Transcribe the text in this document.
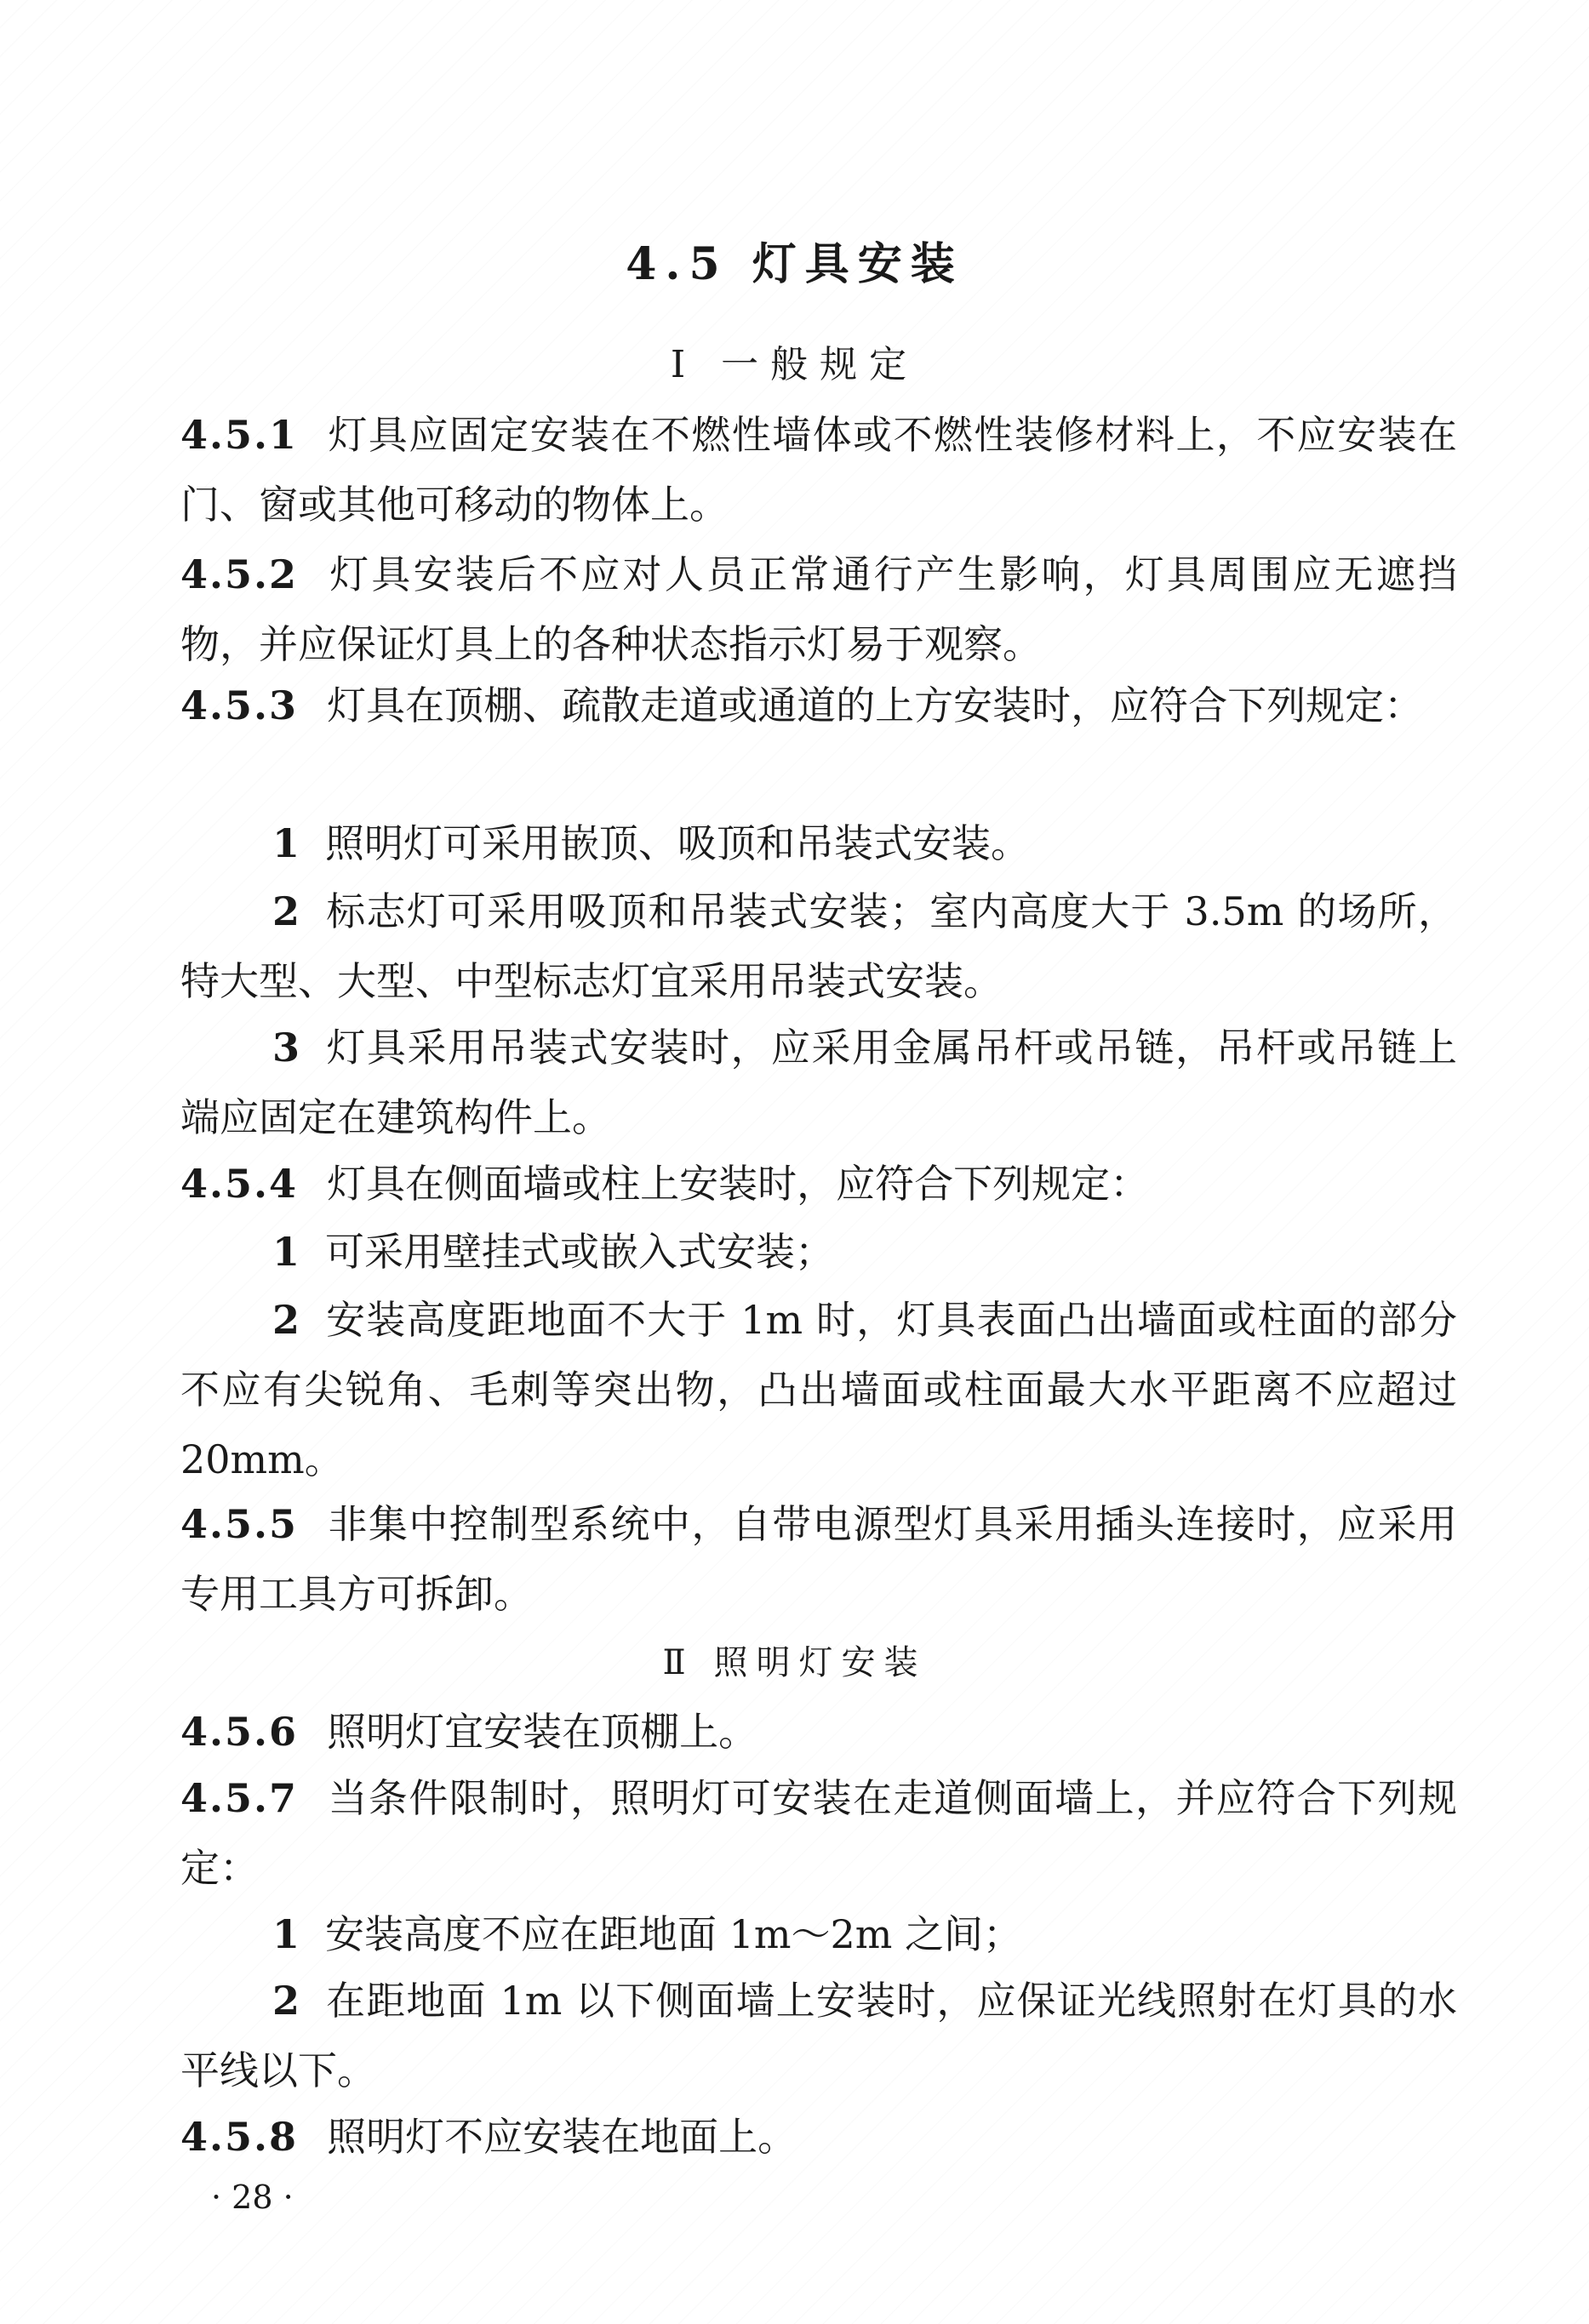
4.5 灯具安装
Ⅰ 一般规定
4.5.1 灯具应固定安装在不燃性墙体或不燃性装修材料上，不应安装在门、窗或其他可移动的物体上。
4.5.2 灯具安装后不应对人员正常通行产生影响，灯具周围应无遮挡物，并应保证灯具上的各种状态指示灯易于观察。
4.5.3 灯具在顶棚、疏散走道或通道的上方安装时，应符合下列规定：
1 照明灯可采用嵌顶、吸顶和吊装式安装。
2 标志灯可采用吸顶和吊装式安装；室内高度大于 3.5m 的场所，特大型、大型、中型标志灯宜采用吊装式安装。
3 灯具采用吊装式安装时，应采用金属吊杆或吊链，吊杆或吊链上端应固定在建筑构件上。
4.5.4 灯具在侧面墙或柱上安装时，应符合下列规定：
1 可采用壁挂式或嵌入式安装；
2 安装高度距地面不大于 1m 时，灯具表面凸出墙面或柱面的部分不应有尖锐角、毛刺等突出物，凸出墙面或柱面最大水平距离不应超过 20mm。
4.5.5 非集中控制型系统中，自带电源型灯具采用插头连接时，应采用专用工具方可拆卸。
Ⅱ 照明灯安装
4.5.6 照明灯宜安装在顶棚上。
4.5.7 当条件限制时，照明灯可安装在走道侧面墙上，并应符合下列规定：
1 安装高度不应在距地面 1m～2m 之间；
2 在距地面 1m 以下侧面墙上安装时，应保证光线照射在灯具的水平线以下。
4.5.8 照明灯不应安装在地面上。
· 28 ·
